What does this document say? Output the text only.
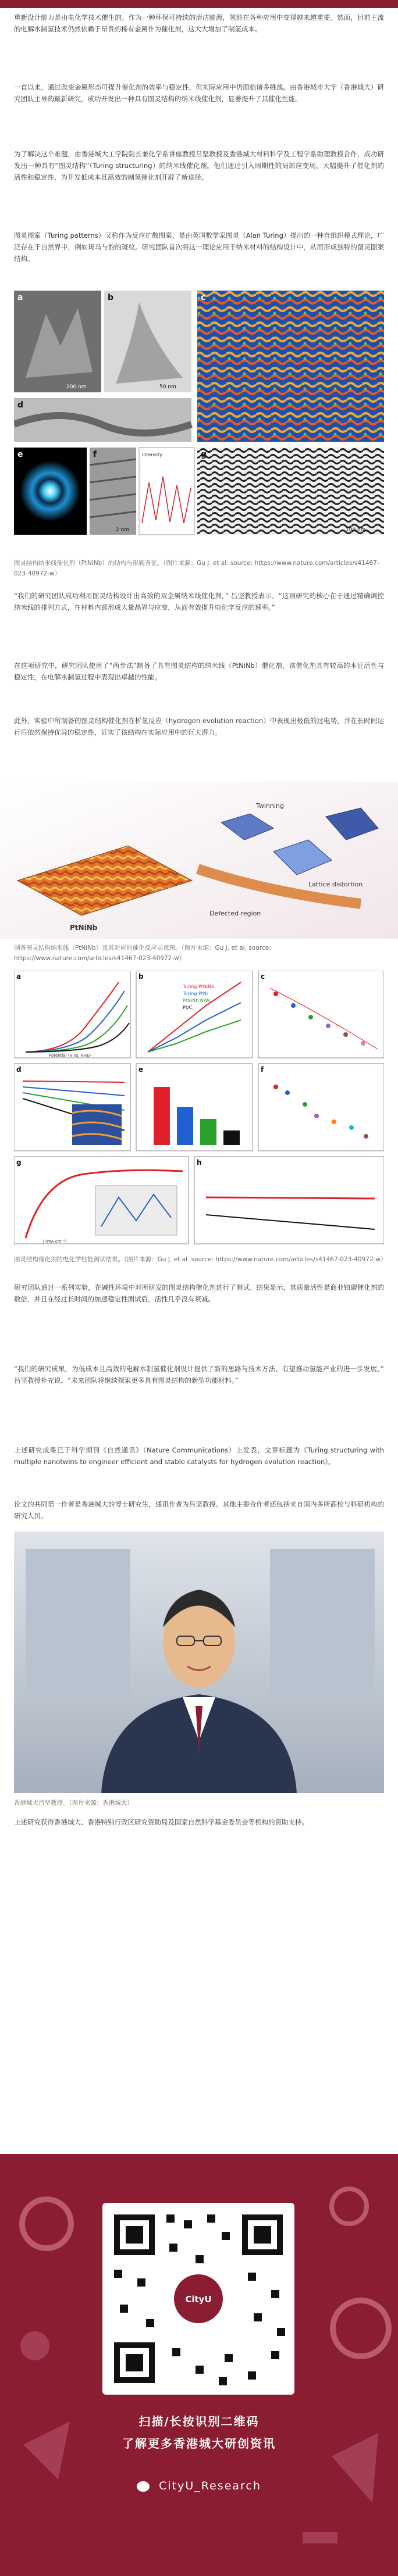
重新设计能力是由电化学技术催生的。作为一种环保可持续的清洁能源，氢能在各种应用中变得越来越重要。然而，目前主流的电解水制氢技术仍然依赖于昂贵的稀有金属作为催化剂，这大大增加了制氢成本。

一直以来，通过改变金属形态可提升催化剂的效率与稳定性，但实际应用中仍面临诸多挑战。由香港城市大学（香港城大）研究团队主导的最新研究，成功开发出一种具有图灵结构的纳米线催化剂，显著提升了其催化性能。

为了解决这个难题，由香港城大工学院院长兼化学系讲座教授吕坚教授及香港城大材料科学及工程学系助理教授合作，成功研发出一种具有“图灵结构”（Turing structuring）的纳米线催化剂。他们通过引入周期性的局部应变场，大幅提升了催化剂的活性和稳定性，为开发低成本且高效的制氢催化剂开辟了新途径。

图灵图案（Turing patterns）又称作为反应扩散图案，是由英国数学家图灵（Alan Turing）提出的一种自组织模式理论，广泛存在于自然界中，例如斑马与豹的斑纹。研究团队首次将这一理论应用于纳米材料的结构设计中，从而形成独特的图灵图案结构。

a
200 nm
b
50 nm
c
d
e	f
2 nm
Intensity	g
100 nm

图灵结构纳米线催化剂（PtNiNb）的结构与形貌表征。（图片来源：Gu J. et al. source: https://www.nature.com/articles/s41467-023-40972-w）

“我们的研究团队成功利用图灵结构设计出高效的双金属纳米线催化剂，” 吕坚教授表示。“这项研究的核心在于通过精确调控纳米线的排列方式，在材料内部形成大量晶界与应变，从而有效提升电化学反应的速率。”

在这项研究中，研究团队使用了“两步法”制备了具有图灵结构的纳米线（PtNiNb）催化剂，该催化剂具有较高的本征活性与稳定性，在电解水制氢过程中表现出卓越的性能。

此外，实验中所制备的图灵结构催化剂在析氢反应（hydrogen evolution reaction）中表现出极低的过电势，并在长时间运行后依然保持优异的稳定性，证实了该结构在实际应用中的巨大潜力。

PtNiNb
Twinning
Lattice distortion
Defected region

制备图灵结构纳米线（PtNiNb）及其对应的催化反应示意图。（图片来源：Gu J. et al. source: https://www.nature.com/articles/s41467-023-40972-w）

a
Potential (V vs. RHE)
b
Turing PtNiNb
Turing PtNi
PtNiNb NWs
Pt/C
c
d	e	f
g
j (mA cm⁻²)
h

图灵结构催化剂的电化学性能测试结果。（图片来源：Gu J. et al. source: https://www.nature.com/articles/s41467-023-40972-w）

研究团队通过一系列实验，在碱性环境中对所研发的图灵结构催化剂进行了测试。结果显示，其质量活性是商业铂碳催化剂的数倍，并且在经过长时间的加速稳定性测试后，活性几乎没有衰减。

“我们的研究成果，为低成本且高效的电解水制氢催化剂设计提供了新的思路与技术方法，有望推动氢能产业的进一步发展，” 吕坚教授补充说，“未来团队将继续探索更多具有图灵结构的新型功能材料。”

上述研究成果已于科学期刊《自然通讯》（Nature Communications）上发表，文章标题为《Turing structuring with multiple nanotwins to engineer efficient and stable catalysts for hydrogen evolution reaction》。

论文的共同第一作者是香港城大的博士研究生，通讯作者为吕坚教授。其他主要合作者还包括来自国内多所高校与科研机构的研究人员。

香港城大吕坚教授。（图片来源：香港城大）

上述研究获得香港城大、香港特别行政区研究资助局及国家自然科学基金委员会等机构的资助支持。

CityU
扫描/长按识别二维码
了解更多香港城大研创资讯
CityU_Research
